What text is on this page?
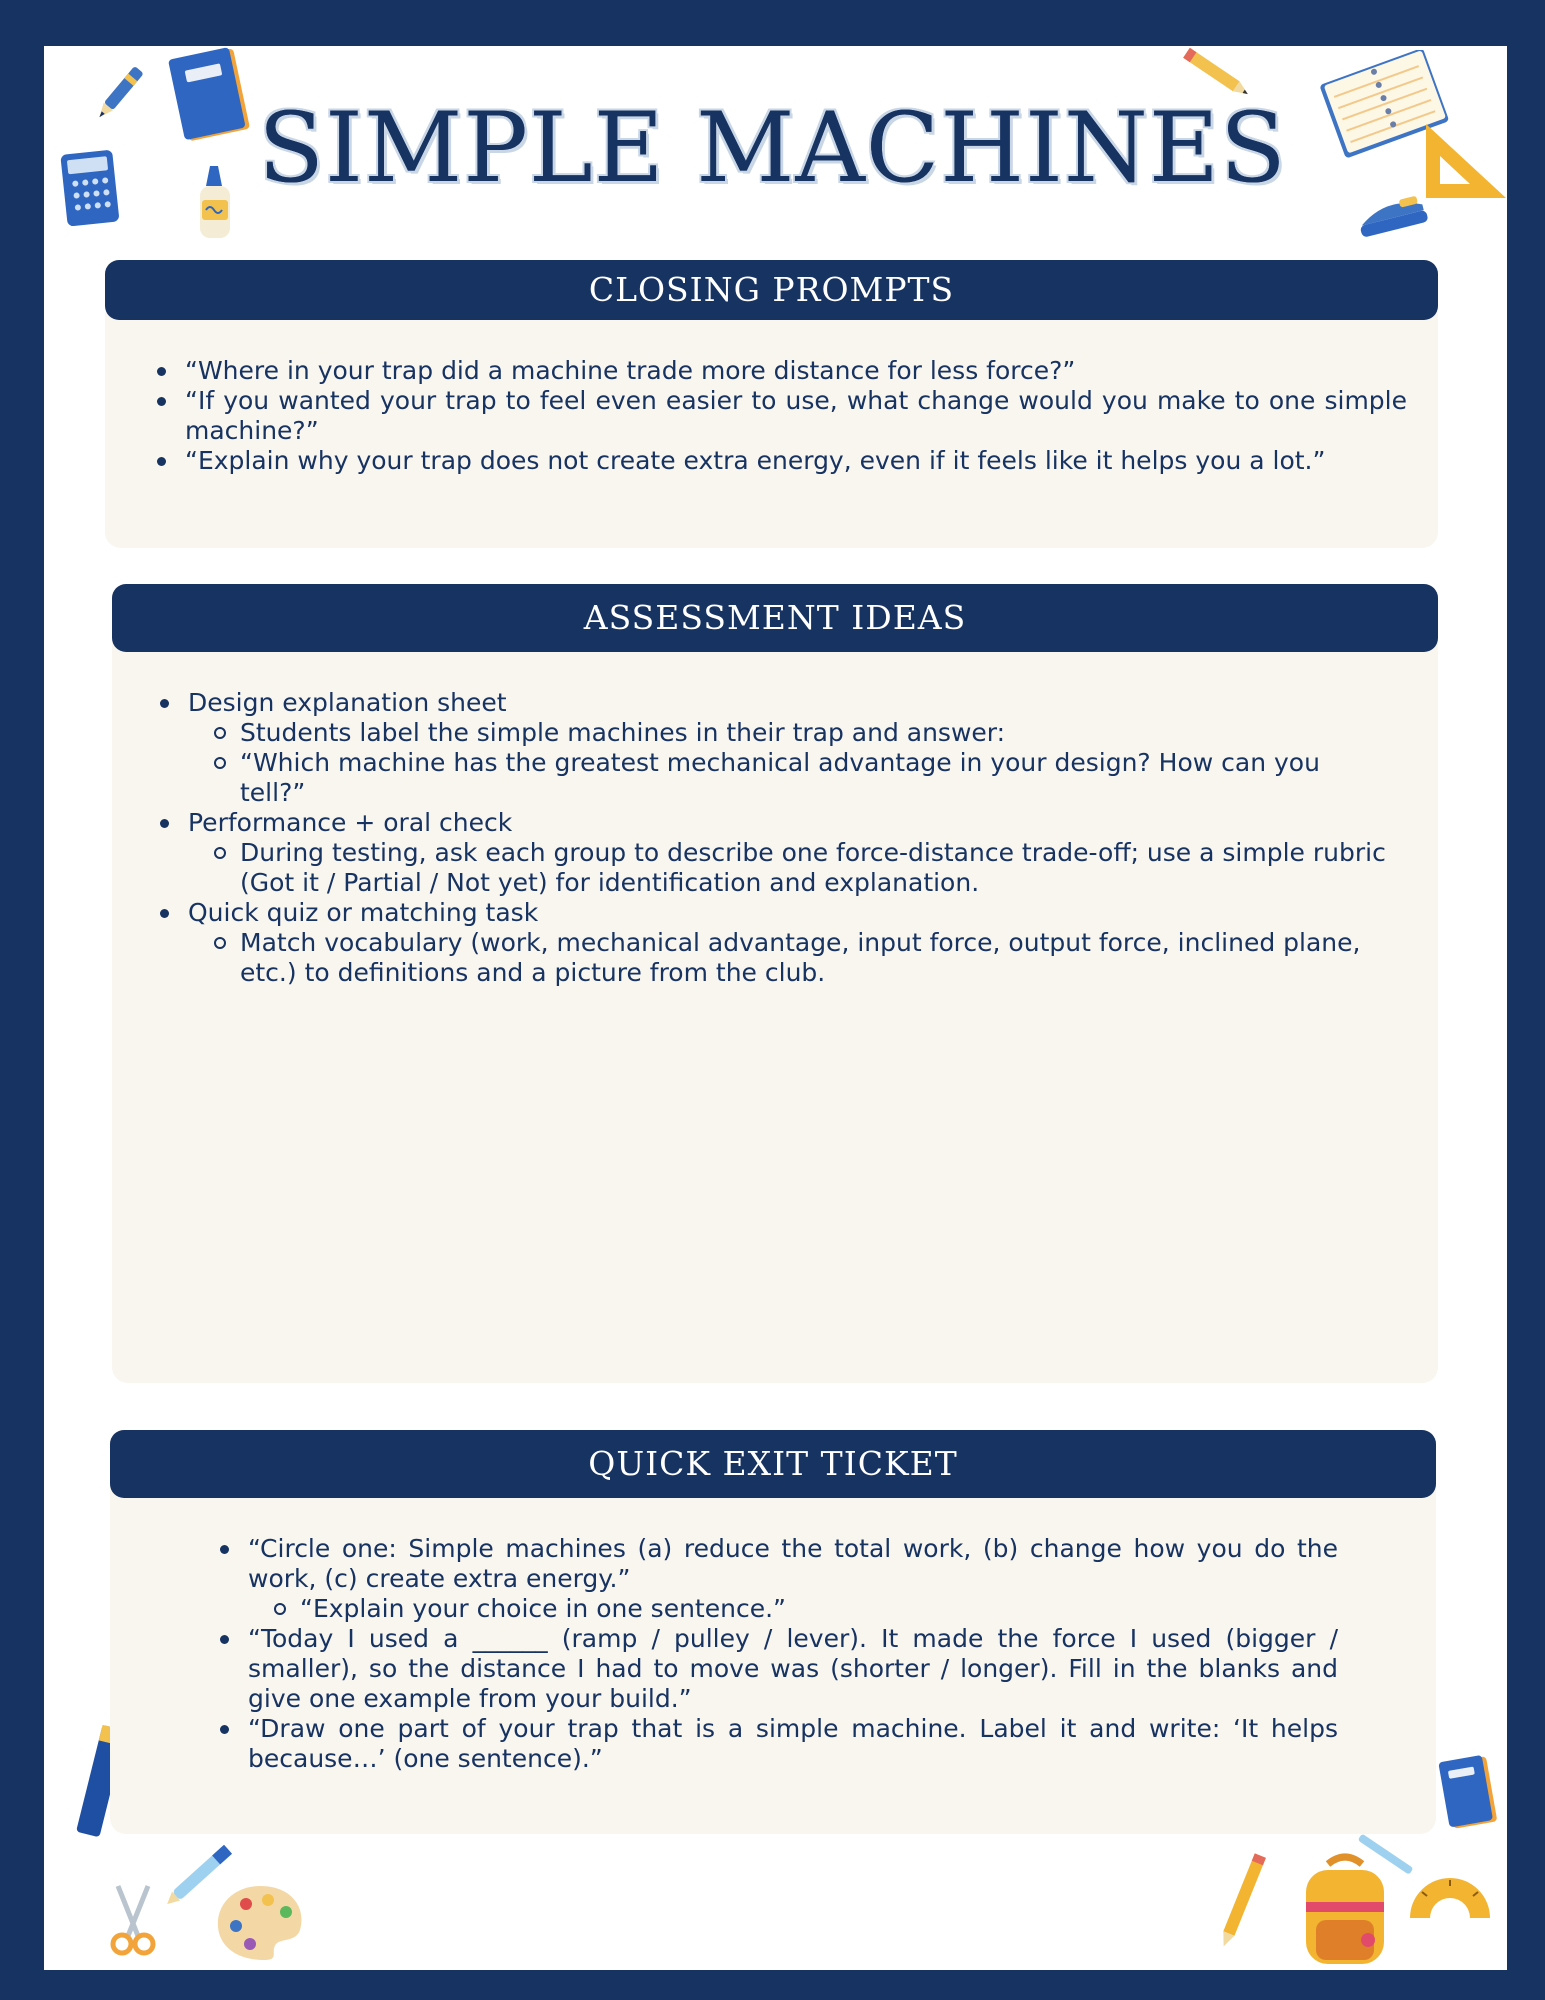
SIMPLE MACHINES
CLOSING PROMPTS
“Where in your trap did a machine trade more distance for less force?”
“If you wanted your trap to feel even easier to use, what change would you make to one simple machine?”
“Explain why your trap does not create extra energy, even if it feels like it helps you a lot.”
ASSESSMENT IDEAS
Design explanation sheet
Students label the simple machines in their trap and answer:
“Which machine has the greatest mechanical advantage in your design? How can you tell?”
Performance + oral check
During testing, ask each group to describe one force-distance trade-off; use a simple rubric (Got it / Partial / Not yet) for identification and explanation.
Quick quiz or matching task
Match vocabulary (work, mechanical advantage, input force, output force, inclined plane, etc.) to definitions and a picture from the club.
QUICK EXIT TICKET
“Circle one: Simple machines (a) reduce the total work, (b) change how you do the work, (c) create extra energy.”
“Explain your choice in one sentence.”
“Today I used a ______ (ramp / pulley / lever). It made the force I used (bigger / smaller), so the distance I had to move was (shorter / longer). Fill in the blanks and give one example from your build.”
“Draw one part of your trap that is a simple machine. Label it and write: ‘It helps because…’ (one sentence).”
